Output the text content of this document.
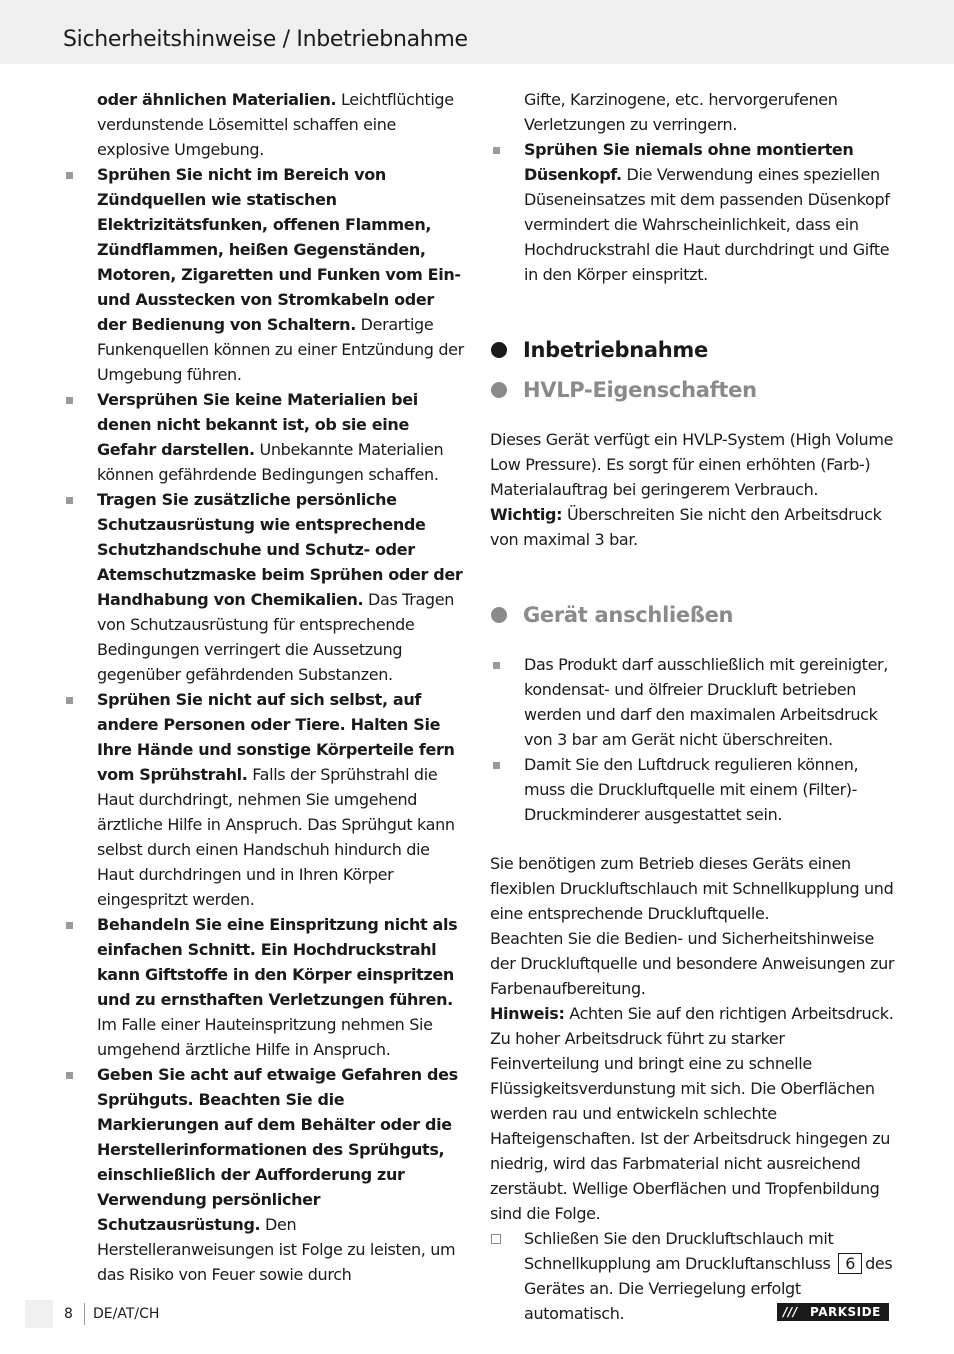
Sicherheitshinweise / Inbetriebnahme

oder ähnlichen Materialien. Leichtflüchtige verdunstende Lösemittel schaffen eine explosive Umgebung.

Sprühen Sie nicht im Bereich von Zündquellen wie statischen Elektrizitätsfunken, offenen Flammen, Zündflammen, heißen Gegenständen, Motoren, Zigaretten und Funken vom Ein- und Ausstecken von Stromkabeln oder der Bedienung von Schaltern. Derartige Funkenquellen können zu einer Entzündung der Umgebung führen.

Versprühen Sie keine Materialien bei denen nicht bekannt ist, ob sie eine Gefahr darstellen. Unbekannte Materialien können gefährdende Bedingungen schaffen.

Tragen Sie zusätzliche persönliche Schutzausrüstung wie entsprechende Schutzhandschuhe und Schutz- oder Atemschutzmaske beim Sprühen oder der Handhabung von Chemikalien. Das Tragen von Schutzausrüstung für entsprechende Bedingungen verringert die Aussetzung gegenüber gefährdenden Substanzen.

Sprühen Sie nicht auf sich selbst, auf andere Personen oder Tiere. Halten Sie Ihre Hände und sonstige Körperteile fern vom Sprühstrahl. Falls der Sprühstrahl die Haut durchdringt, nehmen Sie umgehend ärztliche Hilfe in Anspruch. Das Sprühgut kann selbst durch einen Handschuh hindurch die Haut durchdringen und in Ihren Körper eingespritzt werden.

Behandeln Sie eine Einspritzung nicht als einfachen Schnitt. Ein Hochdruckstrahl kann Giftstoffe in den Körper einspritzen und zu ernsthaften Verletzungen führen. Im Falle einer Hauteinspritzung nehmen Sie umgehend ärztliche Hilfe in Anspruch.

Geben Sie acht auf etwaige Gefahren des Sprühguts. Beachten Sie die Markierungen auf dem Behälter oder die Herstellerinformationen des Sprühguts, einschließlich der Aufforderung zur Verwendung persönlicher Schutzausrüstung. Den Herstelleranweisungen ist Folge zu leisten, um das Risiko von Feuer sowie durch

Gifte, Karzinogene, etc. hervorgerufenen Verletzungen zu verringern.

Sprühen Sie niemals ohne montierten Düsenkopf. Die Verwendung eines speziellen Düseneinsatzes mit dem passenden Düsenkopf vermindert die Wahrscheinlichkeit, dass ein Hochdruckstrahl die Haut durchdringt und Gifte in den Körper einspritzt.

Inbetriebnahme
HVLP-Eigenschaften

Dieses Gerät verfügt ein HVLP-System (High Volume Low Pressure). Es sorgt für einen erhöhten (Farb-) Materialauftrag bei geringerem Verbrauch.

Wichtig: Überschreiten Sie nicht den Arbeitsdruck von maximal 3 bar.

Gerät anschließen

Das Produkt darf ausschließlich mit gereinigter, kondensat- und ölfreier Druckluft betrieben werden und darf den maximalen Arbeitsdruck von 3 bar am Gerät nicht überschreiten.

Damit Sie den Luftdruck regulieren können, muss die Druckluftquelle mit einem (Filter)-Druckminderer ausgestattet sein.

Sie benötigen zum Betrieb dieses Geräts einen flexiblen Druckluftschlauch mit Schnellkupplung und eine entsprechende Druckluftquelle.

Beachten Sie die Bedien- und Sicherheitshinweise der Druckluftquelle und besondere Anweisungen zur Farbenaufbereitung.

Hinweis: Achten Sie auf den richtigen Arbeitsdruck. Zu hoher Arbeitsdruck führt zu starker Feinverteilung und bringt eine zu schnelle Flüssigkeitsverdunstung mit sich. Die Oberflächen werden rau und entwickeln schlechte Hafteigenschaften. Ist der Arbeitsdruck hingegen zu niedrig, wird das Farbmaterial nicht ausreichend zerstäubt. Wellige Oberflächen und Tropfenbildung sind die Folge.

Schließen Sie den Druckluftschlauch mit Schnellkupplung am Druckluftanschluss 6 des Gerätes an. Die Verriegelung erfolgt automatisch.

8 DE/AT/CH	/// PARKSIDE
